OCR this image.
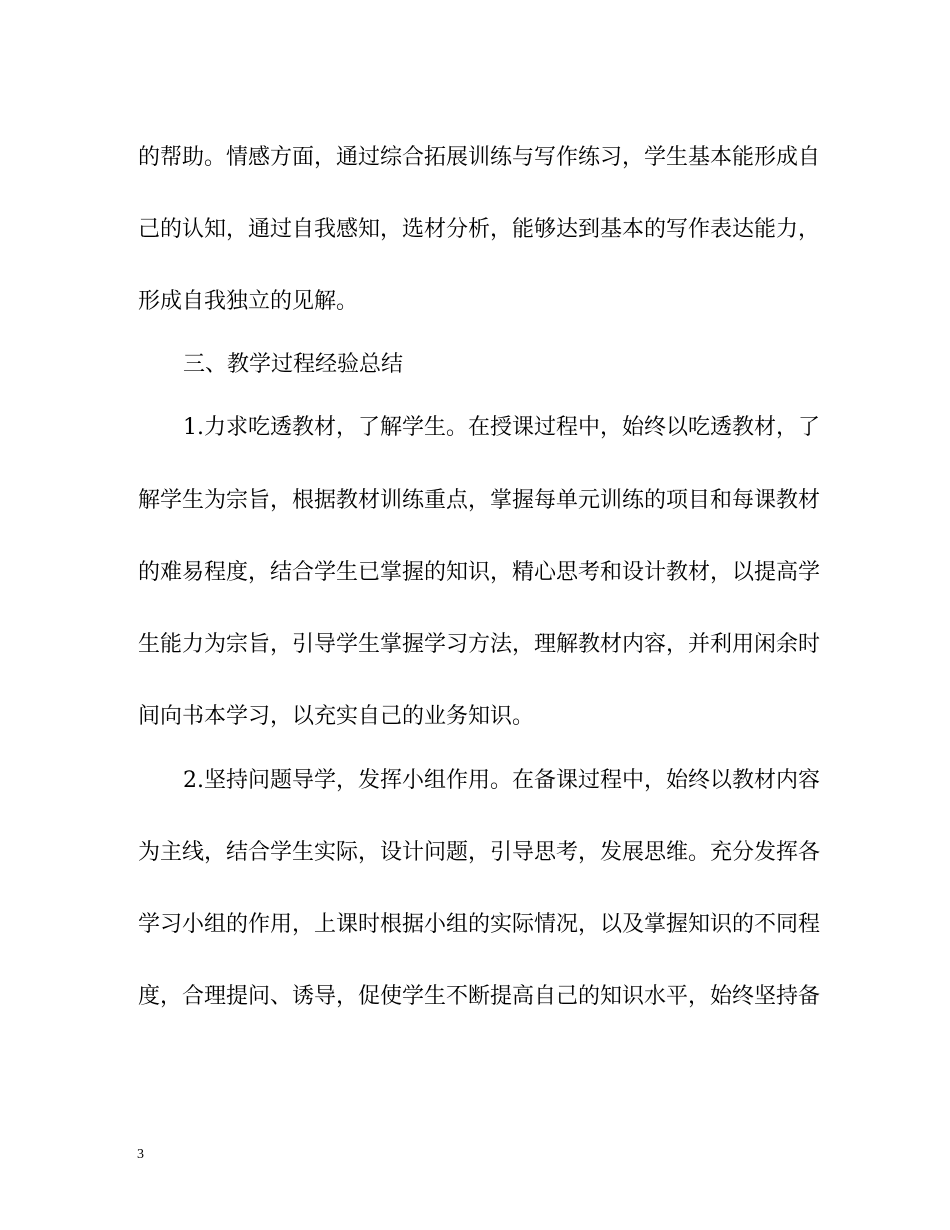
的帮助。情感方面，通过综合拓展训练与写作练习，学生基本能形成自
己的认知，通过自我感知，选材分析，能够达到基本的写作表达能力，
形成自我独立的见解。
三、教学过程经验总结
1.力求吃透教材，了解学生。在授课过程中，始终以吃透教材，了
解学生为宗旨，根据教材训练重点，掌握每单元训练的项目和每课教材
的难易程度，结合学生已掌握的知识，精心思考和设计教材，以提高学
生能力为宗旨，引导学生掌握学习方法，理解教材内容，并利用闲余时
间向书本学习，以充实自己的业务知识。
2.坚持问题导学，发挥小组作用。在备课过程中，始终以教材内容
为主线，结合学生实际，设计问题，引导思考，发展思维。充分发挥各
学习小组的作用，上课时根据小组的实际情况，以及掌握知识的不同程
度，合理提问、诱导，促使学生不断提高自己的知识水平，始终坚持备
3
